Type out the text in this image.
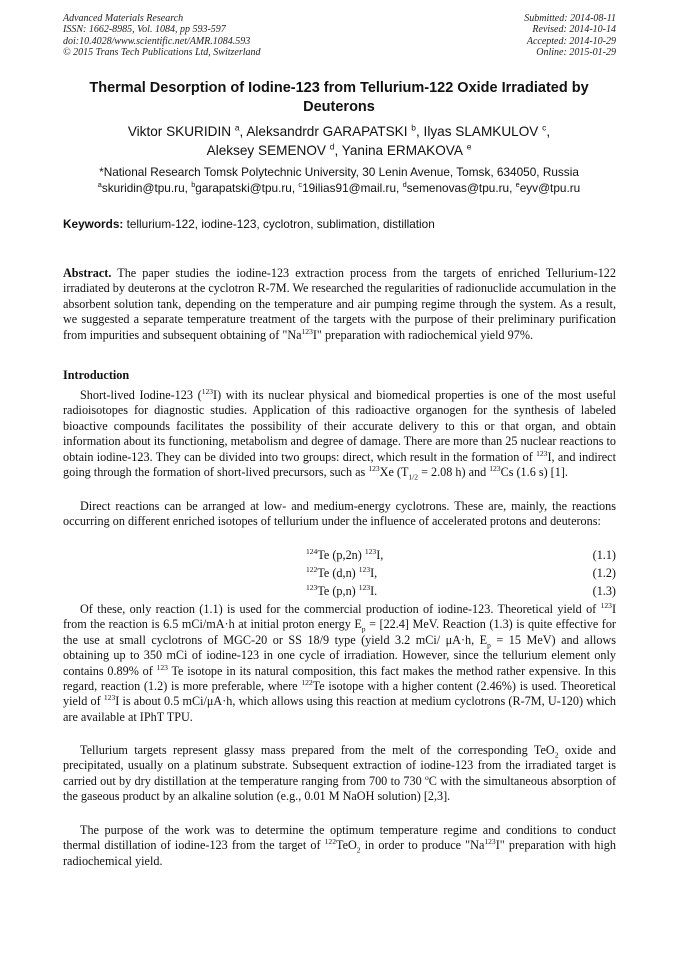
Advanced Materials Research
ISSN: 1662-8985, Vol. 1084, pp 593-597
doi:10.4028/www.scientific.net/AMR.1084.593
© 2015 Trans Tech Publications Ltd, Switzerland
Submitted: 2014-08-11
Revised: 2014-10-14
Accepted: 2014-10-29
Online: 2015-01-29
Thermal Desorption of Iodine-123 from Tellurium-122 Oxide Irradiated by Deuterons
Viktor SKURIDIN $^a$, Aleksandrdr GARAPATSKI $^b$, Ilyas SLAMKULOV $^c$,
Aleksey SEMENOV $^d$, Yanina ERMAKOVA $^e$
*National Research Tomsk Polytechnic University, 30 Lenin Avenue, Tomsk, 634050, Russia
$^a$skuridin@tpu.ru, $^b$garapatski@tpu.ru, $^c$19ilias91@mail.ru, $^d$semenovas@tpu.ru, $^e$eyv@tpu.ru
Keywords: tellurium-122, iodine-123, cyclotron, sublimation, distillation
Abstract. The paper studies the iodine-123 extraction process from the targets of enriched Tellurium-122 irradiated by deuterons at the cyclotron R-7M. We researched the regularities of radionuclide accumulation in the absorbent solution tank, depending on the temperature and air pumping regime through the system. As a result, we suggested a separate temperature treatment of the targets with the purpose of their preliminary purification from impurities and subsequent obtaining of "Na$^{123}$I" preparation with radiochemical yield 97%.
Introduction
Short-lived Iodine-123 ($^{123}$I) with its nuclear physical and biomedical properties is one of the most useful radioisotopes for diagnostic studies. Application of this radioactive organogen for the synthesis of labeled bioactive compounds facilitates the possibility of their accurate delivery to this or that organ, and obtain information about its functioning, metabolism and degree of damage. There are more than 25 nuclear reactions to obtain iodine-123. They can be divided into two groups: direct, which result in the formation of $^{123}$I, and indirect going through the formation of short-lived precursors, such as $^{123}$Xe ($T_{1/2} = 2.08$ h) and $^{123}$Cs (1.6 s) [1].
Direct reactions can be arranged at low- and medium-energy cyclotrons. These are, mainly, the reactions occurring on different enriched isotopes of tellurium under the influence of accelerated protons and deuterons:
$^{124}$Te (p,2n) $^{123}$I,	(1.1)
$^{122}$Te (d,n) $^{123}$I,	(1.2)
$^{123}$Te (p,n) $^{123}$I.	(1.3)
Of these, only reaction (1.1) is used for the commercial production of iodine-123. Theoretical yield of $^{123}$I from the reaction is 6.5 mCi/mA·h at initial proton energy $E_p = [22.4]$ MeV. Reaction (1.3) is quite effective for the use at small cyclotrons of MGC-20 or SS 18/9 type (yield 3.2 mCi/ μA·h, $E_p = 15$ MeV) and allows obtaining up to 350 mCi of iodine-123 in one cycle of irradiation. However, since the tellurium element only contains 0.89% of $^{123}$ Te isotope in its natural composition, this fact makes the method rather expensive. In this regard, reaction (1.2) is more preferable, where $^{122}$Te isotope with a higher content (2.46%) is used. Theoretical yield of $^{123}$I is about 0.5 mCi/μA·h, which allows using this reaction at medium cyclotrons (R-7M, U-120) which are available at IPhT TPU.
Tellurium targets represent glassy mass prepared from the melt of the corresponding TeO$_2$ oxide and precipitated, usually on a platinum substrate. Subsequent extraction of iodine-123 from the irradiated target is carried out by dry distillation at the temperature ranging from 700 to 730 $^o$C with the simultaneous absorption of the gaseous product by an alkaline solution (e.g., 0.01 M NaOH solution) [2,3].
The purpose of the work was to determine the optimum temperature regime and conditions to conduct thermal distillation of iodine-123 from the target of $^{122}$TeO$_2$ in order to produce "Na$^{123}$I" preparation with high radiochemical yield.
